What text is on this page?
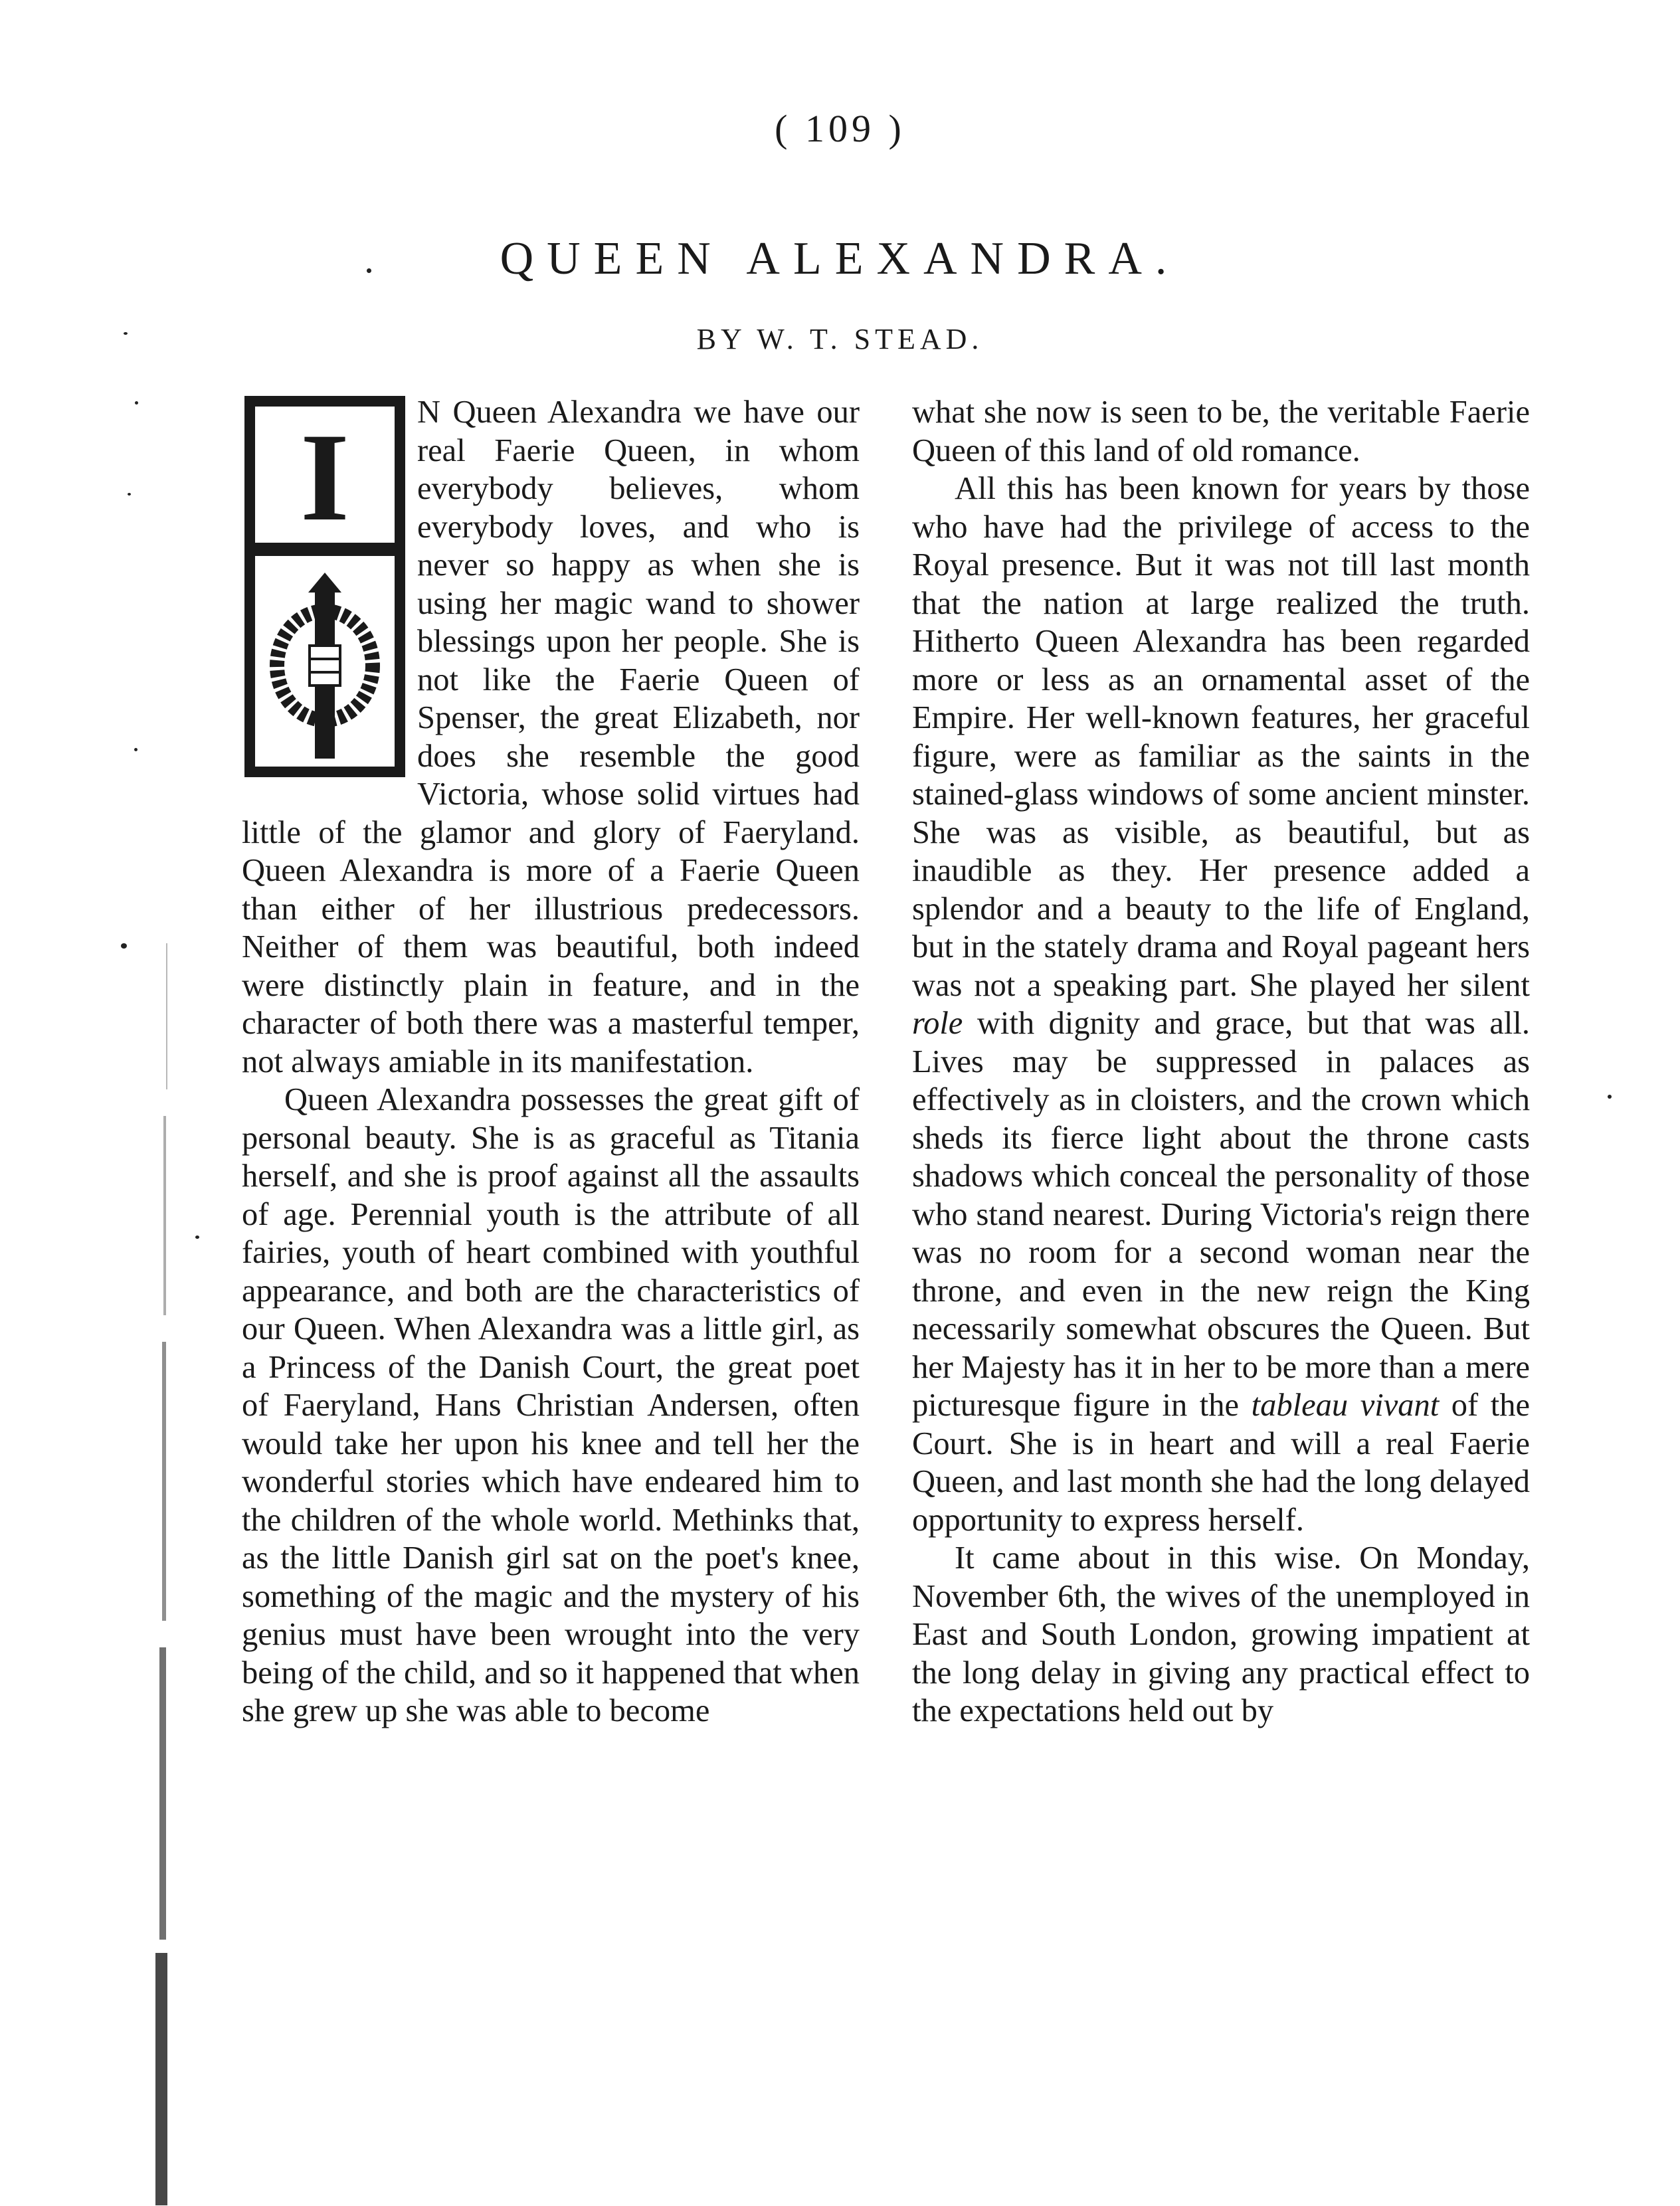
( 109 )
QUEEN ALEXANDRA.
BY W. T. STEAD.
I	N Queen Alexandra we have our real Faerie Queen, in whom everybody believes, whom everybody loves, and who is never so happy as when she is using her magic wand to shower blessings upon her people. She is not like the Faerie Queen of Spenser, the great Elizabeth, nor does she resemble the good Victoria, whose solid virtues had little of the glamor and glory of Faeryland. Queen Alexandra is more of a Faerie Queen than either of her illustrious predecessors. Neither of them was beautiful, both indeed were distinctly plain in feature, and in the character of both there was a masterful temper, not always amiable in its manifestation.

Queen Alexandra possesses the great gift of personal beauty. She is as graceful as Titania herself, and she is proof against all the assaults of age. Perennial youth is the attribute of all fairies, youth of heart combined with youthful appearance, and both are the characteristics of our Queen. When Alexandra was a little girl, as a Princess of the Danish Court, the great poet of Faeryland, Hans Christian Andersen, often would take her upon his knee and tell her the wonderful stories which have endeared him to the children of the whole world. Methinks that, as the little Danish girl sat on the poet's knee, something of the magic and the mystery of his genius must have been wrought into the very being of the child, and so it happened that when she grew up she was able to become

what she now is seen to be, the veritable Faerie Queen of this land of old romance.

All this has been known for years by those who have had the privilege of access to the Royal presence. But it was not till last month that the nation at large realized the truth. Hitherto Queen Alexandra has been regarded more or less as an ornamental asset of the Empire. Her well-known features, her graceful figure, were as familiar as the saints in the stained-glass windows of some ancient minster. She was as visible, as beautiful, but as inaudible as they. Her presence added a splendor and a beauty to the life of England, but in the stately drama and Royal pageant hers was not a speaking part. She played her silent role with dignity and grace, but that was all. Lives may be suppressed in palaces as effectively as in cloisters, and the crown which sheds its fierce light about the throne casts shadows which conceal the personality of those who stand nearest. During Victoria's reign there was no room for a second woman near the throne, and even in the new reign the King necessarily somewhat obscures the Queen. But her Majesty has it in her to be more than a mere picturesque figure in the tableau vivant of the Court. She is in heart and will a real Faerie Queen, and last month she had the long delayed opportunity to express herself.

It came about in this wise. On Monday, November 6th, the wives of the unemployed in East and South London, growing impatient at the long delay in giving any practical effect to the expectations held out by
